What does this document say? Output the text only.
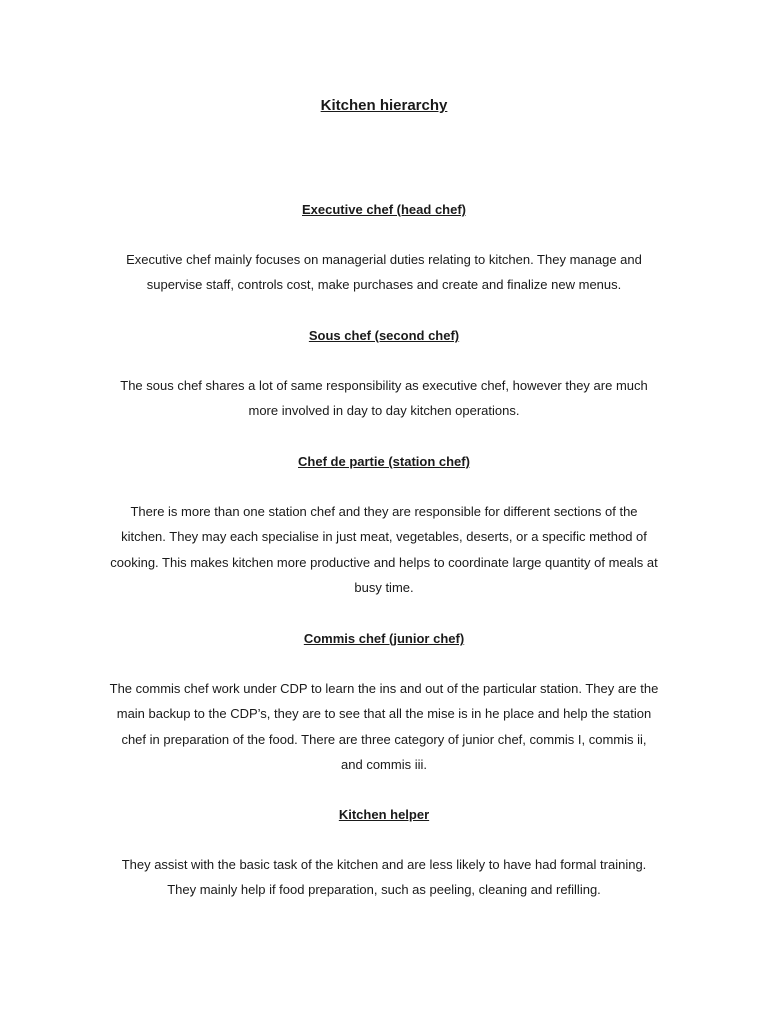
Kitchen hierarchy
Executive chef (head chef)

Executive chef mainly focuses on managerial duties relating to kitchen. They manage and
supervise staff, controls cost, make purchases and create and finalize new menus.

Sous chef (second chef)

The sous chef shares a lot of same responsibility as executive chef, however they are much
more involved in day to day kitchen operations.

Chef de partie (station chef)

There is more than one station chef and they are responsible for different sections of the
kitchen. They may each specialise in just meat, vegetables, deserts, or a specific method of
cooking. This makes kitchen more productive and helps to coordinate large quantity of meals at
busy time.

Commis chef (junior chef)

The commis chef work under CDP to learn the ins and out of the particular station. They are the
main backup to the CDP’s, they are to see that all the mise is in he place and help the station
chef in preparation of the food. There are three category of junior chef, commis I, commis ii,
and commis iii.

Kitchen helper

They assist with the basic task of the kitchen and are less likely to have had formal training.
They mainly help if food preparation, such as peeling, cleaning and refilling.
